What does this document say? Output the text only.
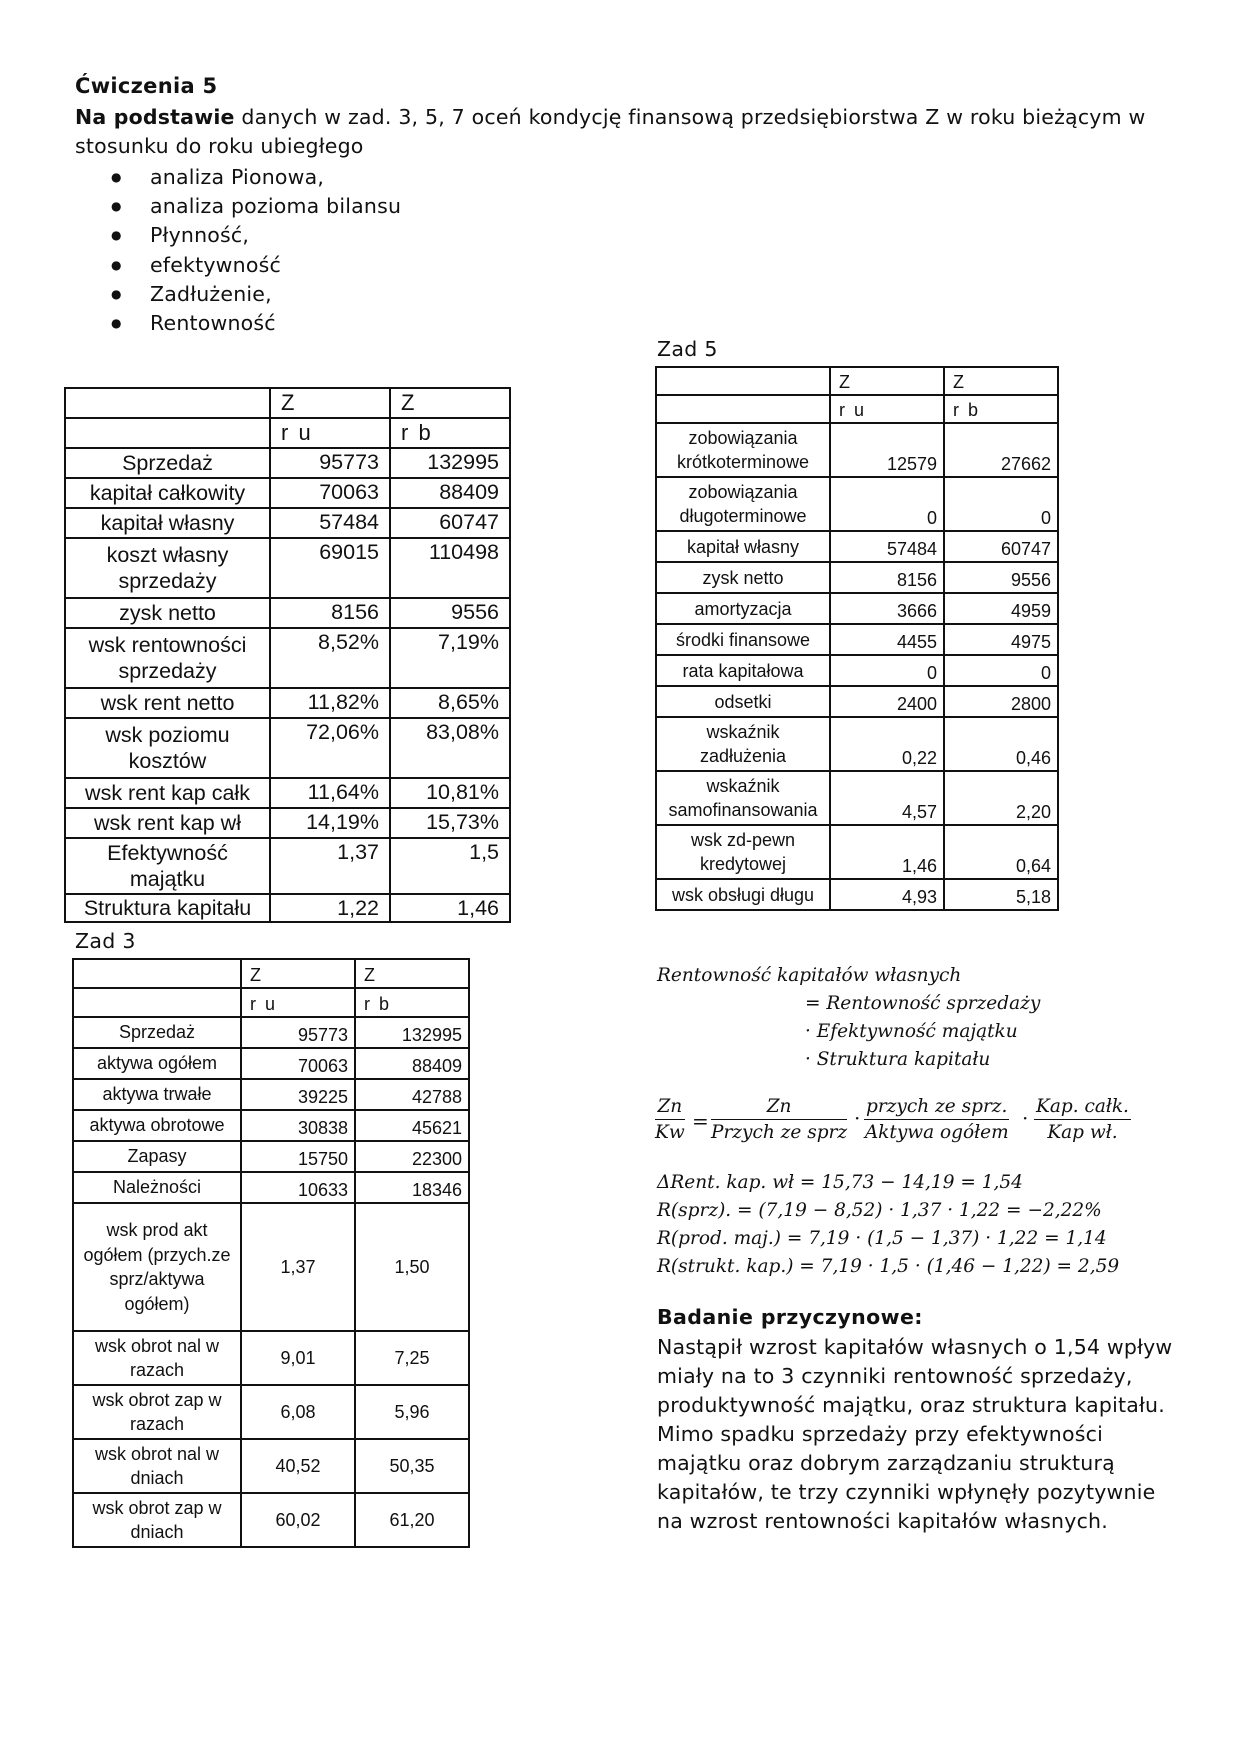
Ćwiczenia 5
Na podstawie danych w zad. 3, 5, 7 oceń kondycję finansową przedsiębiorstwa Z w roku bieżącym w stosunku do roku ubiegłego
● analiza Pionowa,
● analiza pozioma bilansu
● Płynność,
● efektywność
● Zadłużenie,
● Rentowność
	Z	Z
	r u	r b
Sprzedaż	95773	132995
kapitał całkowity	70063	88409
kapitał własny	57484	60747
koszt własny sprzedaży	69015	110498
zysk netto	8156	9556
wsk rentowności sprzedaży	8,52%	7,19%
wsk rent netto	11,82%	8,65%
wsk poziomu kosztów	72,06%	83,08%
wsk rent kap całk	11,64%	10,81%
wsk rent kap wł	14,19%	15,73%
Efektywność majątku	1,37	1,5
Struktura kapitału	1,22	1,46
Zad 5
	Z	Z
	r u	r b
zobowiązania krótkoterminowe	12579	27662
zobowiązania długoterminowe	0	0
kapitał własny	57484	60747
zysk netto	8156	9556
amortyzacja	3666	4959
środki finansowe	4455	4975
rata kapitałowa	0	0
odsetki	2400	2800
wskaźnik zadłużenia	0,22	0,46
wskaźnik samofinansowania	4,57	2,20
wsk zd-pewn kredytowej	1,46	0,64
wsk obsługi długu	4,93	5,18
Zad 3
	Z	Z
	r u	r b
Sprzedaż	95773	132995
aktywa ogółem	70063	88409
aktywa trwałe	39225	42788
aktywa obrotowe	30838	45621
Zapasy	15750	22300
Należności	10633	18346
wsk prod akt ogółem (przych.ze sprz/aktywa ogółem)	1,37	1,50
wsk obrot nal w razach	9,01	7,25
wsk obrot zap w razach	6,08	5,96
wsk obrot nal w dniach	40,52	50,35
wsk obrot zap w dniach	60,02	61,20
Rentowność kapitałów własnych
= Rentowność sprzedaży
· Efektywność majątku
· Struktura kapitału
$\frac{Zn}{Kw}$ =
Zn
Przych ze sprz
· przych ze sprz.
Aktywa ogółem
· Kap. całk.
Kap wł.
ΔRent. kap. wł = 15,73 − 14,19 = 1,54
R(sprz). = (7,19 − 8,52) · 1,37 · 1,22 = −2,22%
R(prod. maj.) = 7,19 · (1,5 − 1,37) · 1,22 = 1,14
R(strukt. kap.) = 7,19 · 1,5 · (1,46 − 1,22) = 2,59
Badanie przyczynowe:
Nastąpił wzrost kapitałów własnych o 1,54 wpływ miały na to 3 czynniki rentowność sprzedaży, produktywność majątku, oraz struktura kapitału. Mimo spadku sprzedaży przy efektywności majątku oraz dobrym zarządzaniu strukturą kapitałów, te trzy czynniki wpłynęły pozytywnie na wzrost rentowności kapitałów własnych.
